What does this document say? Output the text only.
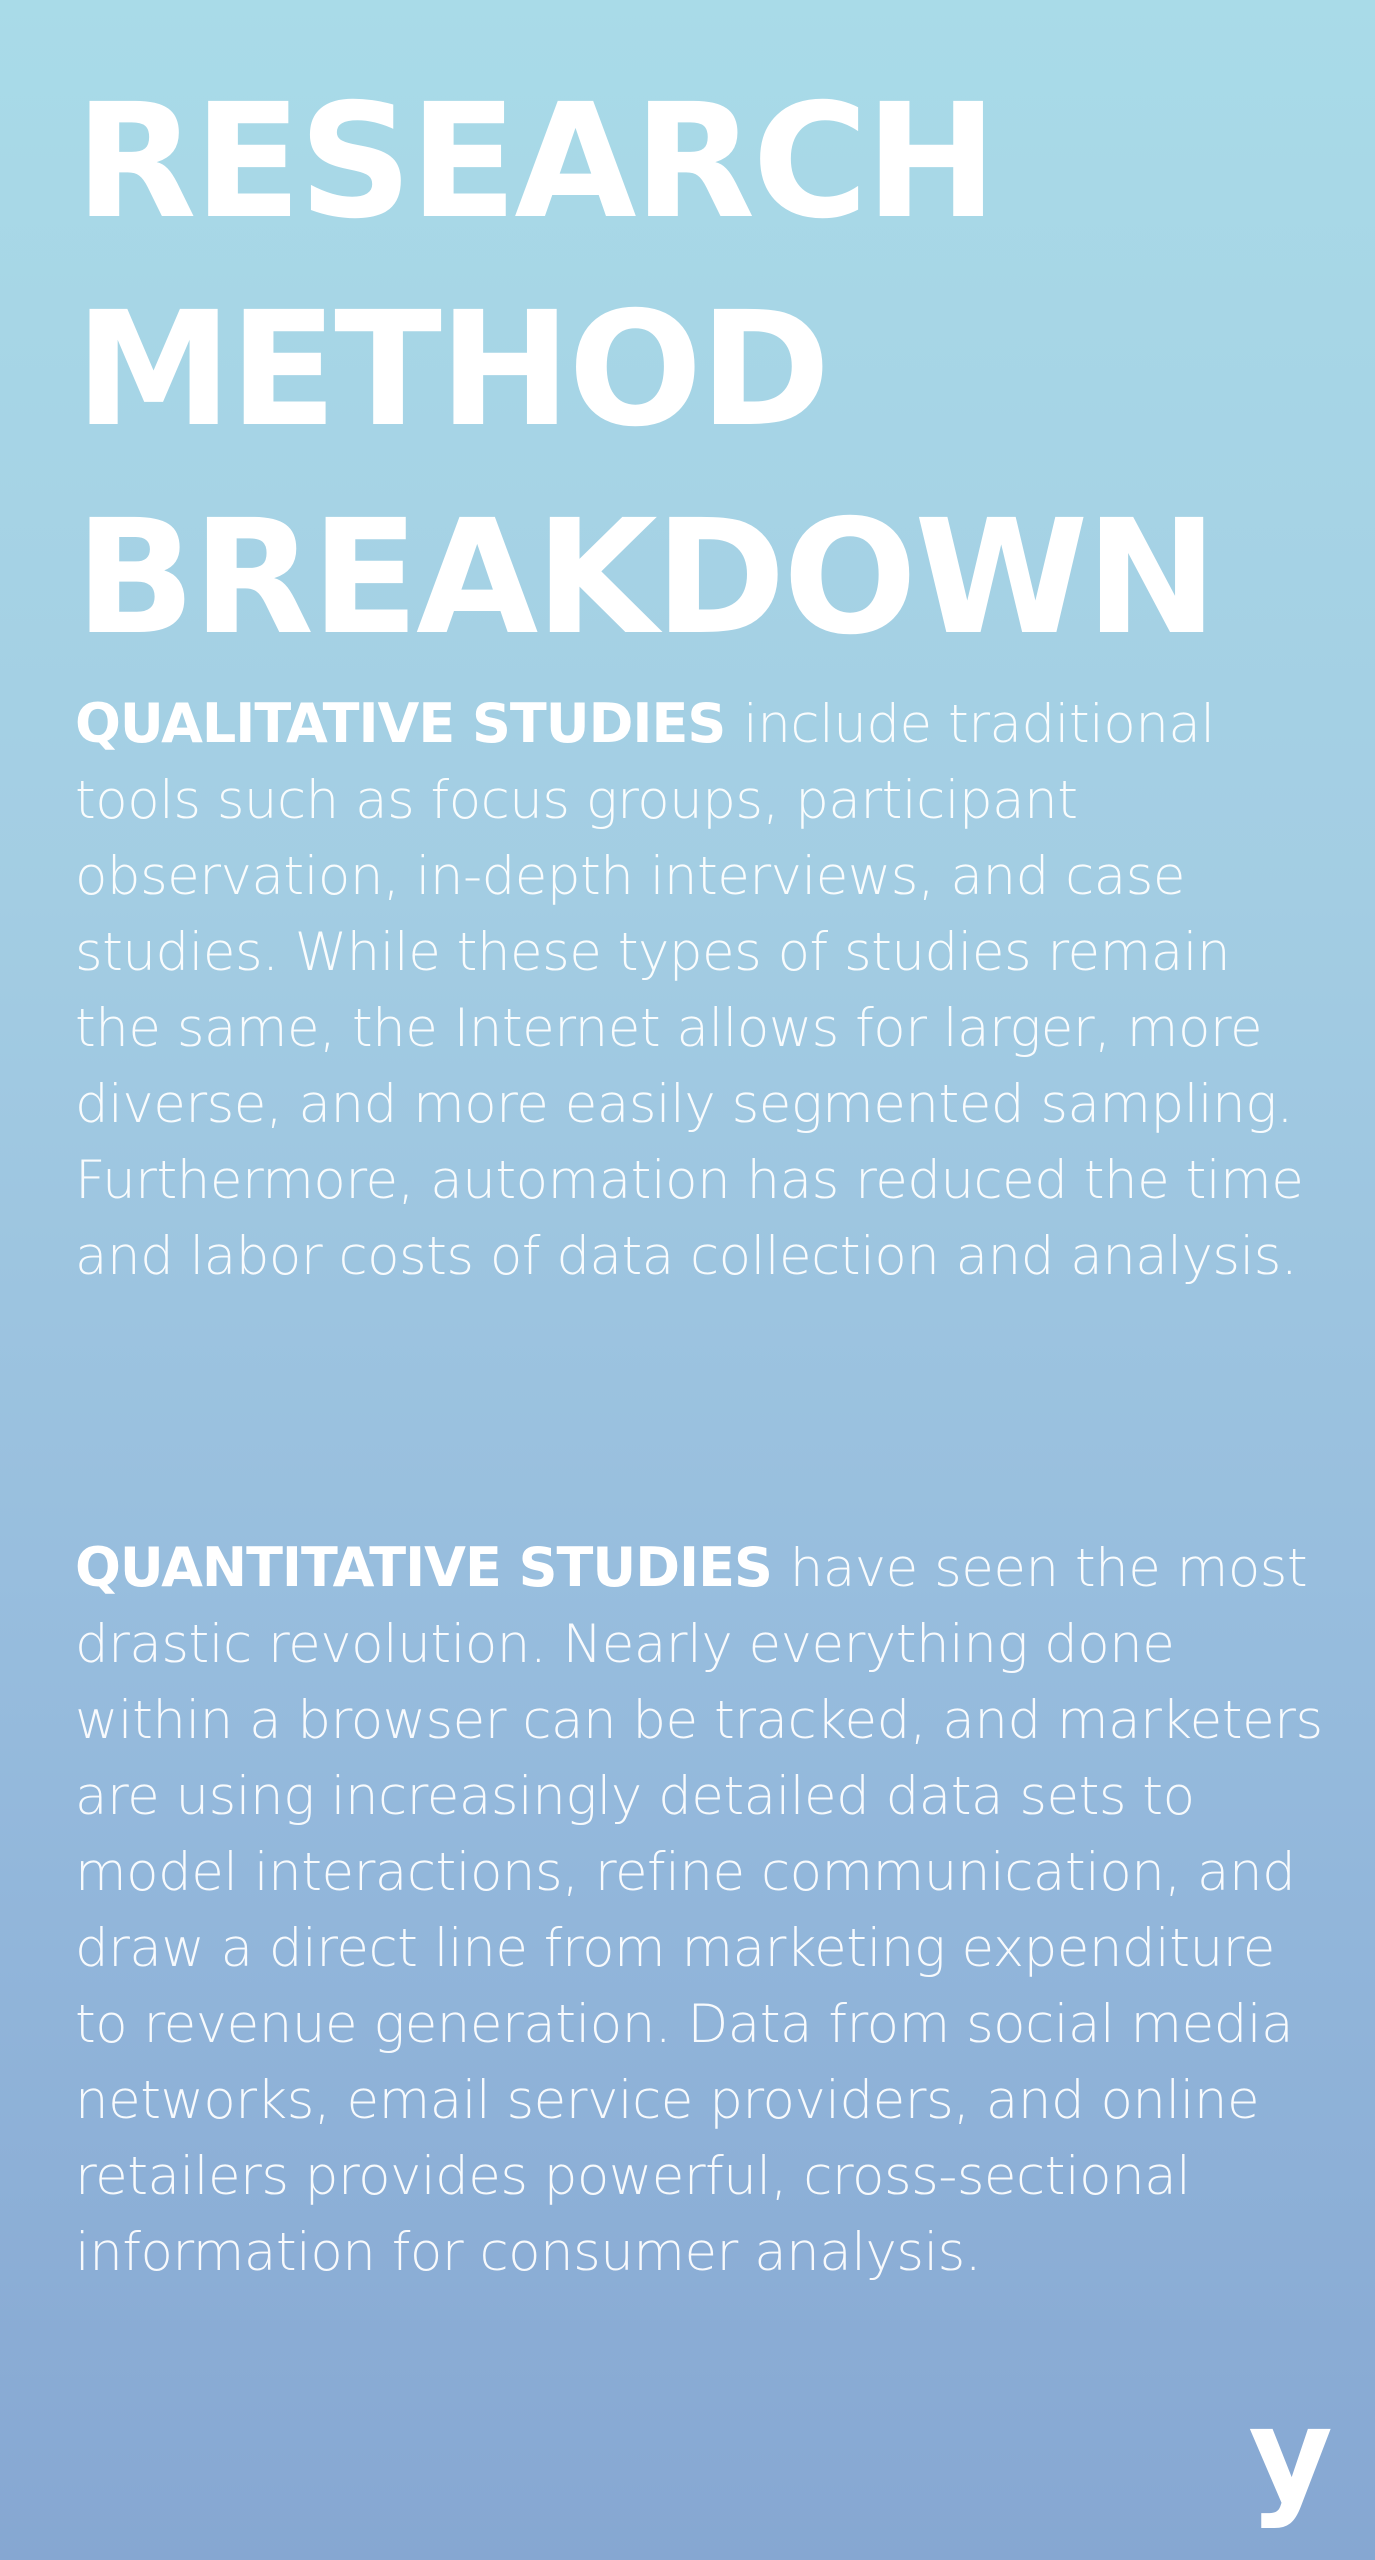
RESEARCH
METHOD
BREAKDOWN

QUALITATIVE STUDIES include traditional tools such as focus groups, participant observation, in-depth interviews, and case studies. While these types of studies remain the same, the Internet allows for larger, more diverse, and more easily segmented sampling. Furthermore, automation has reduced the time and labor costs of data collection and analysis.

QUANTITATIVE STUDIES have seen the most drastic revolution. Nearly everything done within a browser can be tracked, and marketers are using increasingly detailed data sets to model interactions, refine communication, and draw a direct line from marketing expenditure to revenue generation. Data from social media networks, email service providers, and online retailers provides powerful, cross-sectional information for consumer analysis.

y
